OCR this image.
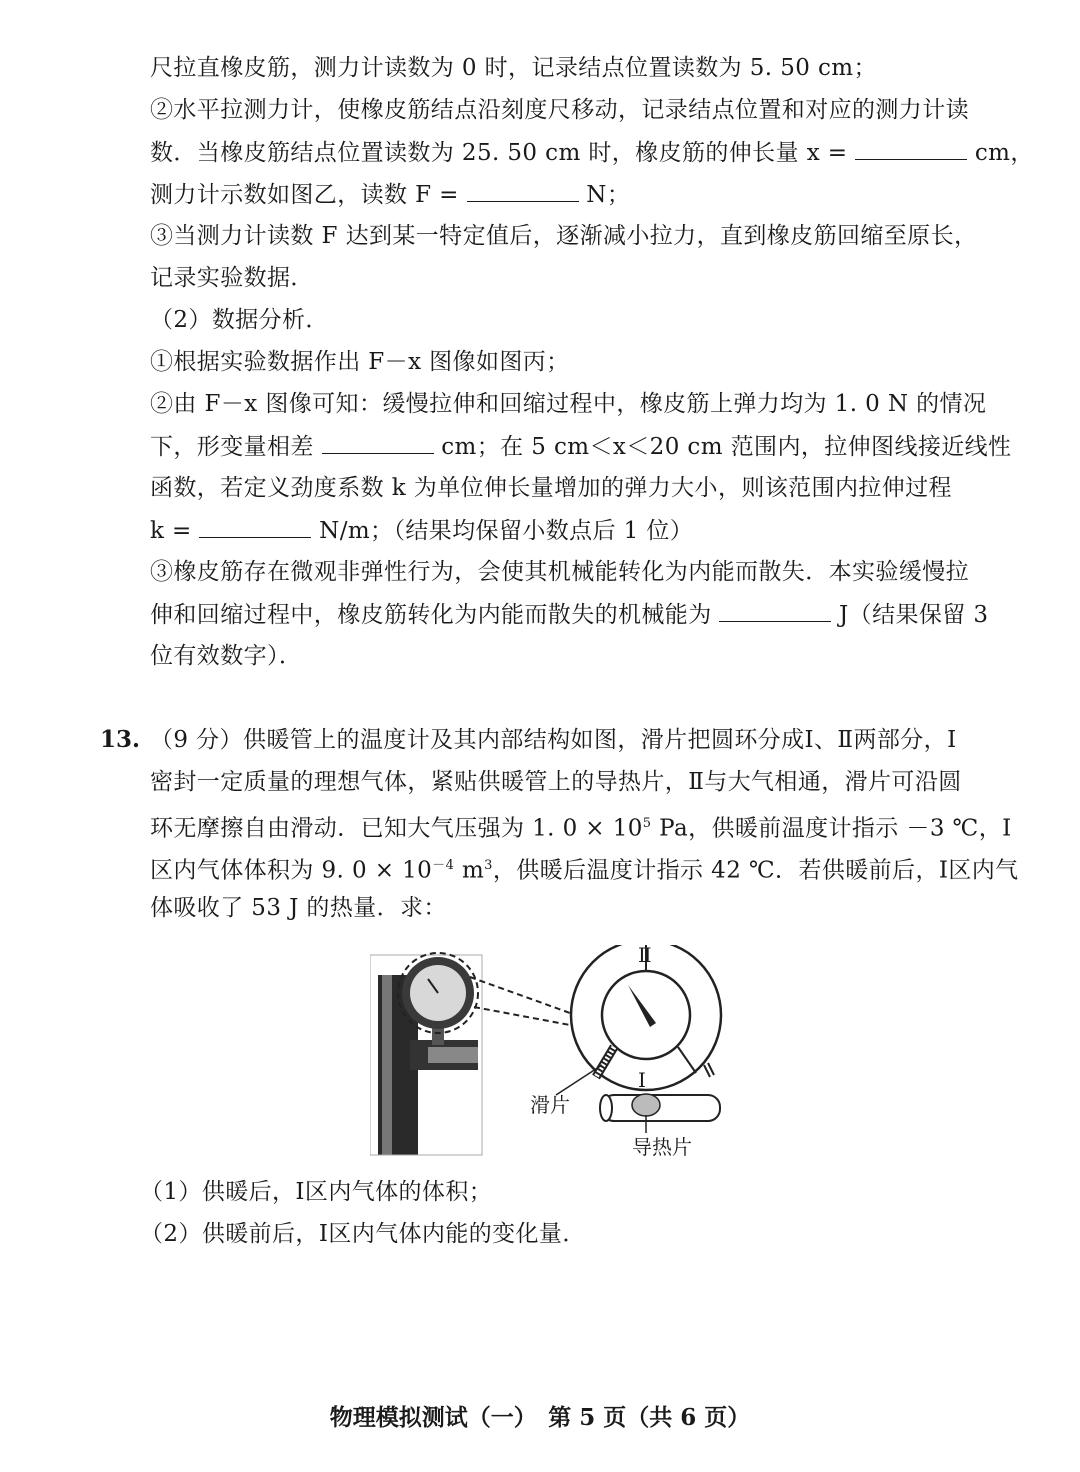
尺拉直橡皮筋，测力计读数为 0 时，记录结点位置读数为 5. 50 cm；
②水平拉测力计，使橡皮筋结点沿刻度尺移动，记录结点位置和对应的测力计读
数．当橡皮筋结点位置读数为 25. 50 cm 时，橡皮筋的伸长量 x =	cm，
测力计示数如图乙，读数 F =	N；
③当测力计读数 F 达到某一特定值后，逐渐减小拉力，直到橡皮筋回缩至原长，
记录实验数据．
（2）数据分析．
①根据实验数据作出 F－x 图像如图丙；
②由 F－x 图像可知：缓慢拉伸和回缩过程中，橡皮筋上弹力均为 1. 0 N 的情况
下，形变量相差	cm；在 5 cm＜x＜20 cm 范围内，拉伸图线接近线性
函数，若定义劲度系数 k 为单位伸长量增加的弹力大小，则该范围内拉伸过程
k =	N/m；（结果均保留小数点后 1 位）
③橡皮筋存在微观非弹性行为，会使其机械能转化为内能而散失．本实验缓慢拉
伸和回缩过程中，橡皮筋转化为内能而散失的机械能为	J（结果保留 3
位有效数字）．
13. （9 分）供暖管上的温度计及其内部结构如图，滑片把圆环分成Ⅰ、Ⅱ两部分，Ⅰ
密封一定质量的理想气体，紧贴供暖管上的导热片，Ⅱ与大气相通，滑片可沿圆
环无摩擦自由滑动．已知大气压强为 1. $0 \times 10^5$ Pa，供暖前温度计指示 －3 ℃，Ⅰ
区内气体体积为 9. $0 \times 10^{-4}$ $m^3$，供暖后温度计指示 42 ℃．若供暖前后，Ⅰ区内气
体吸收了 53 J 的热量．求：
Ⅱ
Ⅰ
滑片
导热片
（1）供暖后，Ⅰ区内气体的体积；
（2）供暖前后，Ⅰ区内气体内能的变化量．
物理模拟测试（一）　第 5 页（共 6 页）
